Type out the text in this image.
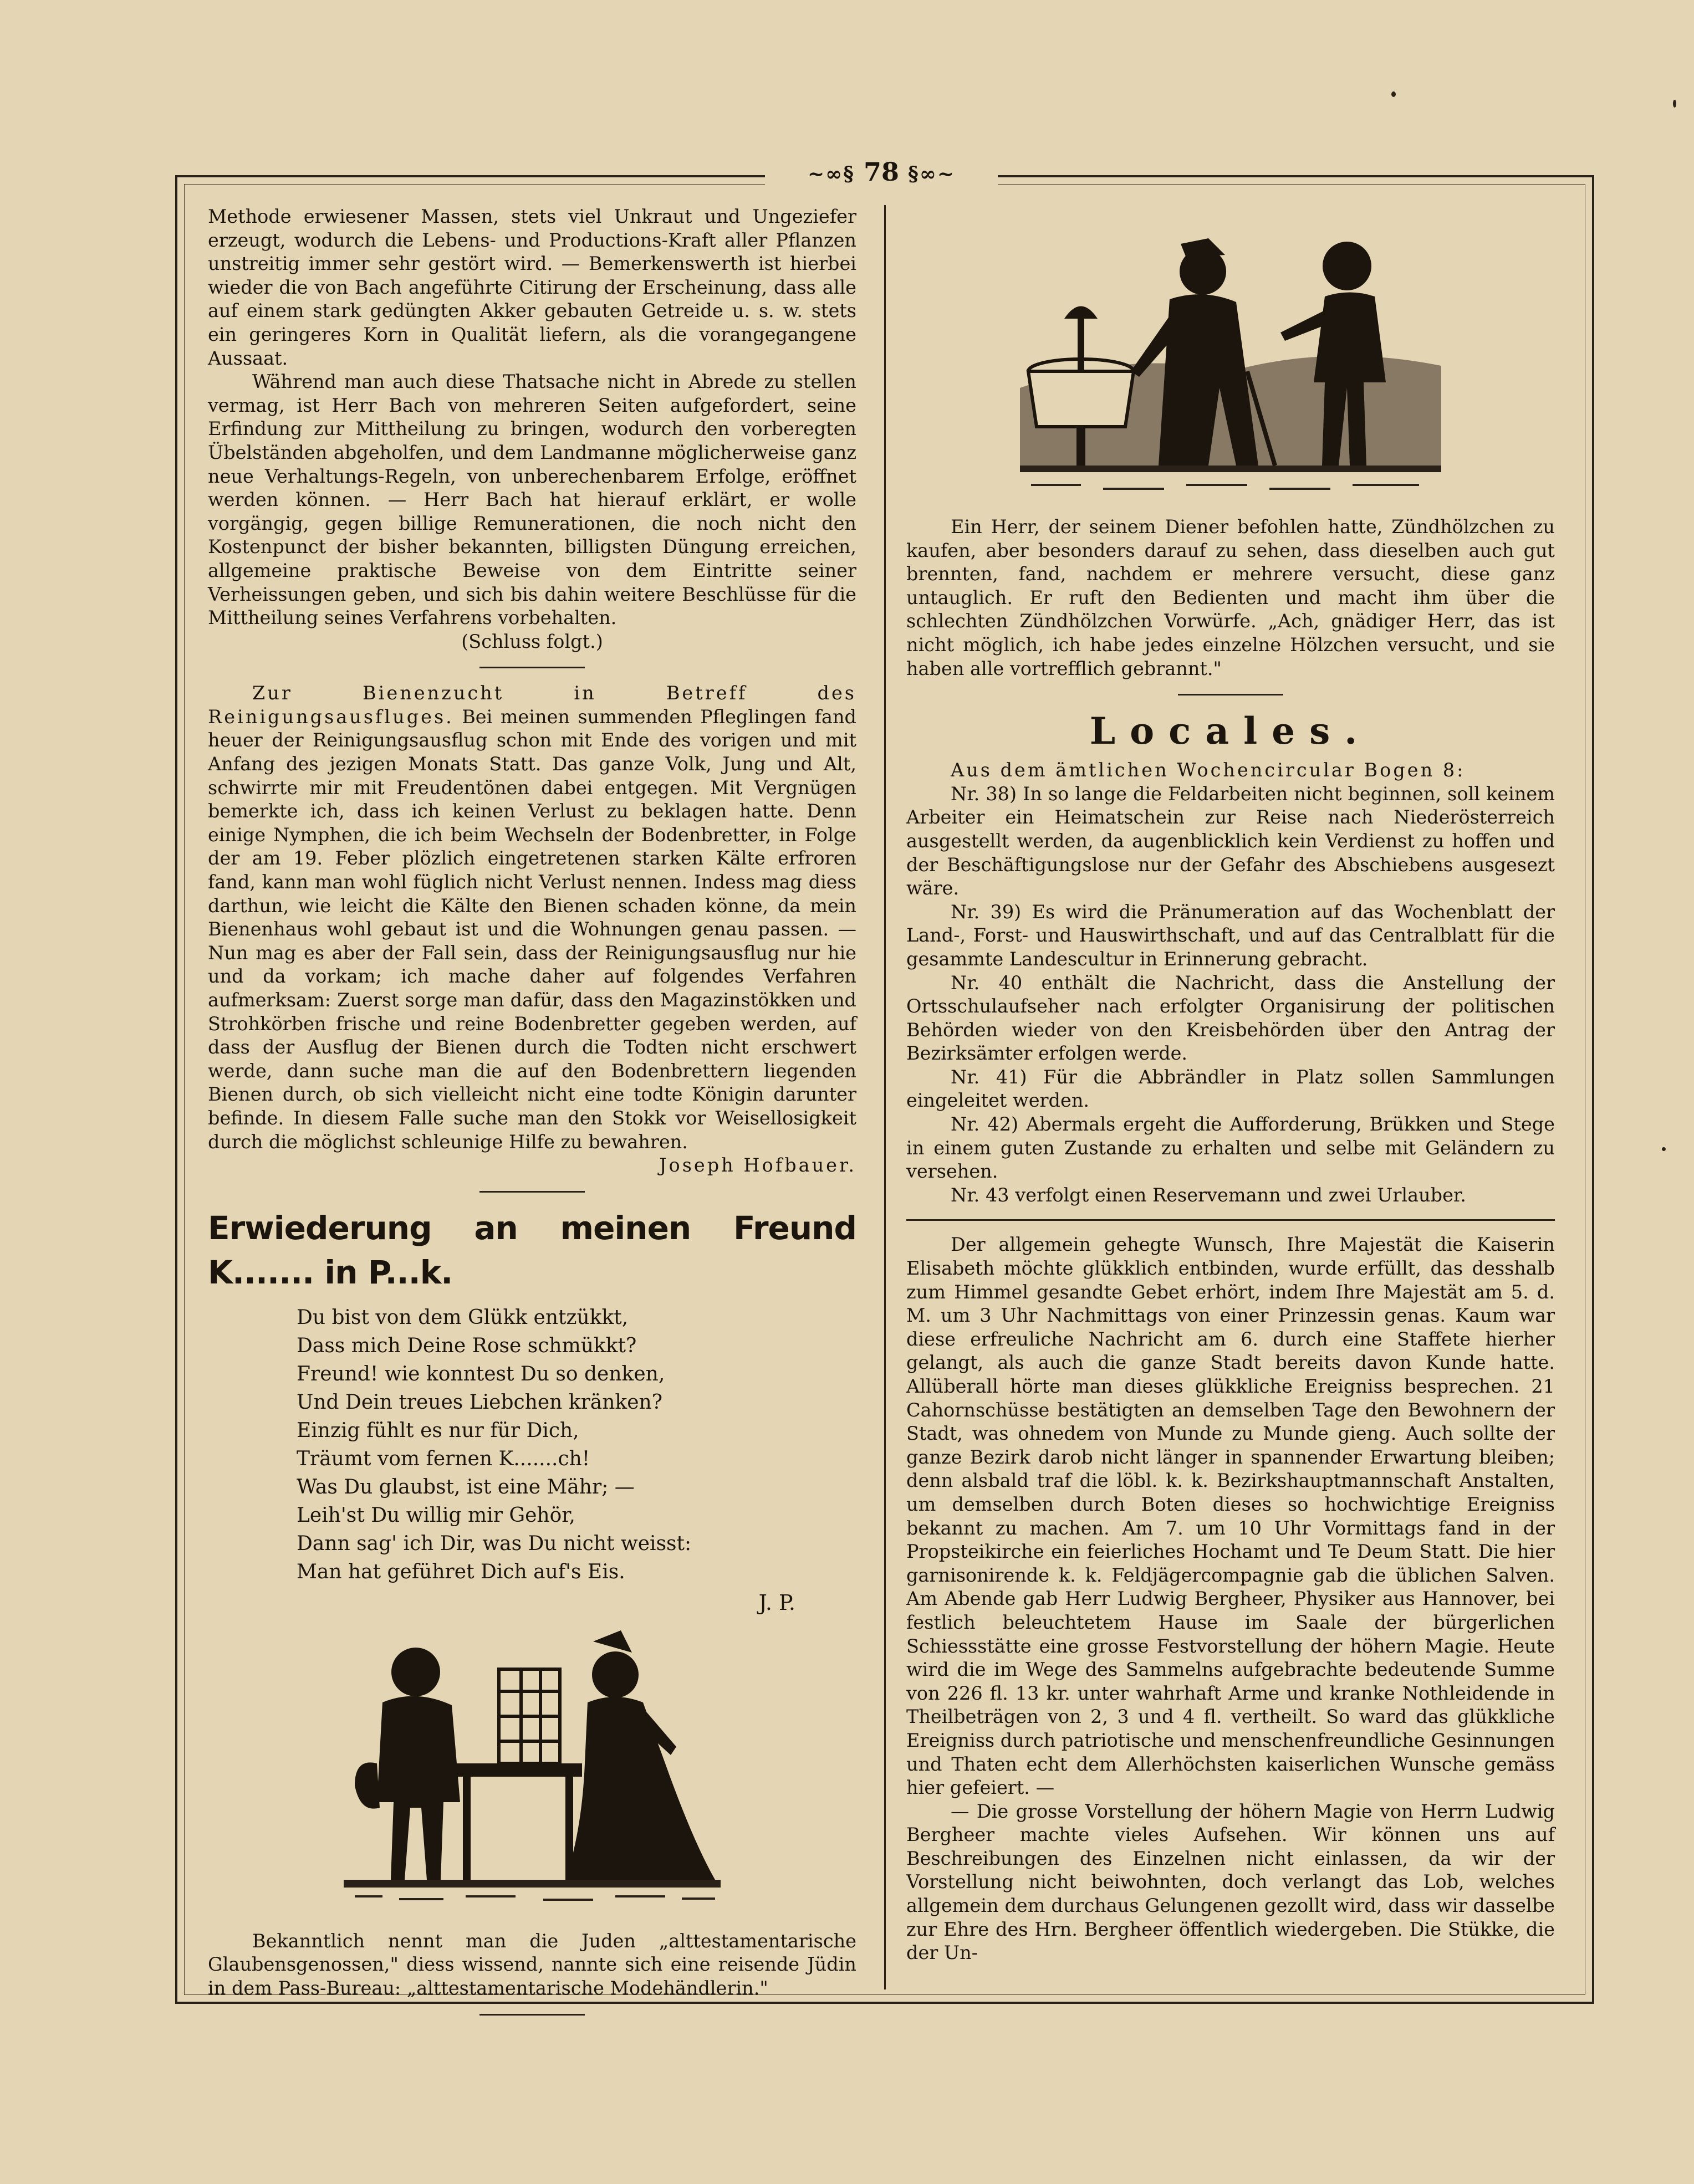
~∞§ 78 §∞~

Methode erwiesener Massen, stets viel Unkraut und Ungeziefer erzeugt, wodurch die Lebens- und Productions-Kraft aller Pflanzen unstreitig immer sehr gestört wird. — Bemerkenswerth ist hierbei wieder die von Bach angeführte Citirung der Erscheinung, dass alle auf einem stark gedüngten Akker gebauten Getreide u. s. w. stets ein geringeres Korn in Qualität liefern, als die vorangegangene Aussaat.

Während man auch diese Thatsache nicht in Abrede zu stellen vermag, ist Herr Bach von mehreren Seiten aufgefordert, seine Erfindung zur Mittheilung zu bringen, wodurch den vorberegten Übelständen abgeholfen, und dem Landmanne möglicherweise ganz neue Verhaltungs-Regeln, von unberechenbarem Erfolge, eröffnet werden können. — Herr Bach hat hierauf erklärt, er wolle vorgängig, gegen billige Remunerationen, die noch nicht den Kostenpunct der bisher bekannten, billigsten Düngung erreichen, allgemeine praktische Beweise von dem Eintritte seiner Verheissungen geben, und sich bis dahin weitere Beschlüsse für die Mittheilung seines Verfahrens vorbehalten.

(Schluss folgt.)

Zur Bienenzucht in Betreff des Reinigungsausfluges. Bei meinen summenden Pfleglingen fand heuer der Reinigungsausflug schon mit Ende des vorigen und mit Anfang des jezigen Monats Statt. Das ganze Volk, Jung und Alt, schwirrte mir mit Freudentönen dabei entgegen. Mit Vergnügen bemerkte ich, dass ich keinen Verlust zu beklagen hatte. Denn einige Nymphen, die ich beim Wechseln der Bodenbretter, in Folge der am 19. Feber plözlich eingetretenen starken Kälte erfroren fand, kann man wohl füglich nicht Verlust nennen. Indess mag diess darthun, wie leicht die Kälte den Bienen schaden könne, da mein Bienenhaus wohl gebaut ist und die Wohnungen genau passen. — Nun mag es aber der Fall sein, dass der Reinigungsausflug nur hie und da vorkam; ich mache daher auf folgendes Verfahren aufmerksam: Zuerst sorge man dafür, dass den Magazinstökken und Strohkörben frische und reine Bodenbretter gegeben werden, auf dass der Ausflug der Bienen durch die Todten nicht erschwert werde, dann suche man die auf den Bodenbrettern liegenden Bienen durch, ob sich vielleicht nicht eine todte Königin darunter befinde. In diesem Falle suche man den Stokk vor Weisellosigkeit durch die möglichst schleunige Hilfe zu bewahren.

Joseph Hofbauer.

Erwiederung an meinen Freund K....... in P...k.
Du bist von dem Glükk entzükkt,
Dass mich Deine Rose schmükkt?
Freund! wie konntest Du so denken,
Und Dein treues Liebchen kränken?
Einzig fühlt es nur für Dich,
Träumt vom fernen K.......ch!
Was Du glaubst, ist eine Mähr; —
Leih'st Du willig mir Gehör,
Dann sag' ich Dir, was Du nicht weisst:
Man hat geführet Dich auf's Eis.
J. P.

Bekanntlich nennt man die Juden „alttestamentarische Glaubensgenossen," diess wissend, nannte sich eine reisende Jüdin in dem Pass-Bureau: „alttestamentarische Modehändlerin."

Ein Herr, der seinem Diener befohlen hatte, Zündhölzchen zu kaufen, aber besonders darauf zu sehen, dass dieselben auch gut brennten, fand, nachdem er mehrere versucht, diese ganz untauglich. Er ruft den Bedienten und macht ihm über die schlechten Zündhölzchen Vorwürfe. „Ach, gnädiger Herr, das ist nicht möglich, ich habe jedes einzelne Hölzchen versucht, und sie haben alle vortrefflich gebrannt."

Locales.

Aus dem ämtlichen Wochencircular Bogen 8:

Nr. 38) In so lange die Feldarbeiten nicht beginnen, soll keinem Arbeiter ein Heimatschein zur Reise nach Niederösterreich ausgestellt werden, da augenblicklich kein Verdienst zu hoffen und der Beschäftigungslose nur der Gefahr des Abschiebens ausgesezt wäre.

Nr. 39) Es wird die Pränumeration auf das Wochenblatt der Land-, Forst- und Hauswirthschaft, und auf das Centralblatt für die gesammte Landescultur in Erinnerung gebracht.

Nr. 40 enthält die Nachricht, dass die Anstellung der Ortsschulaufseher nach erfolgter Organisirung der politischen Behörden wieder von den Kreisbehörden über den Antrag der Bezirksämter erfolgen werde.

Nr. 41) Für die Abbrändler in Platz sollen Sammlungen eingeleitet werden.

Nr. 42) Abermals ergeht die Aufforderung, Brükken und Stege in einem guten Zustande zu erhalten und selbe mit Geländern zu versehen.

Nr. 43 verfolgt einen Reservemann und zwei Urlauber.

Der allgemein gehegte Wunsch, Ihre Majestät die Kaiserin Elisabeth möchte glükklich entbinden, wurde erfüllt, das desshalb zum Himmel gesandte Gebet erhört, indem Ihre Majestät am 5. d. M. um 3 Uhr Nachmittags von einer Prinzessin genas. Kaum war diese erfreuliche Nachricht am 6. durch eine Staffete hierher gelangt, als auch die ganze Stadt bereits davon Kunde hatte. Allüberall hörte man dieses glükkliche Ereigniss besprechen. 21 Cahornschüsse bestätigten an demselben Tage den Bewohnern der Stadt, was ohnedem von Munde zu Munde gieng. Auch sollte der ganze Bezirk darob nicht länger in spannender Erwartung bleiben; denn alsbald traf die löbl. k. k. Bezirkshauptmannschaft Anstalten, um demselben durch Boten dieses so hochwichtige Ereigniss bekannt zu machen. Am 7. um 10 Uhr Vormittags fand in der Propsteikirche ein feierliches Hochamt und Te Deum Statt. Die hier garnisonirende k. k. Feldjägercompagnie gab die üblichen Salven. Am Abende gab Herr Ludwig Bergheer, Physiker aus Hannover, bei festlich beleuchtetem Hause im Saale der bürgerlichen Schiessstätte eine grosse Festvorstellung der höhern Magie. Heute wird die im Wege des Sammelns aufgebrachte bedeutende Summe von 226 fl. 13 kr. unter wahrhaft Arme und kranke Nothleidende in Theilbeträgen von 2, 3 und 4 fl. vertheilt. So ward das glükkliche Ereigniss durch patriotische und menschenfreundliche Gesinnungen und Thaten echt dem Allerhöchsten kaiserlichen Wunsche gemäss hier gefeiert. —

— Die grosse Vorstellung der höhern Magie von Herrn Ludwig Bergheer machte vieles Aufsehen. Wir können uns auf Beschreibungen des Einzelnen nicht einlassen, da wir der Vorstellung nicht beiwohnten, doch verlangt das Lob, welches allgemein dem durchaus Gelungenen gezollt wird, dass wir dasselbe zur Ehre des Hrn. Bergheer öffentlich wiedergeben. Die Stükke, die der Un-
